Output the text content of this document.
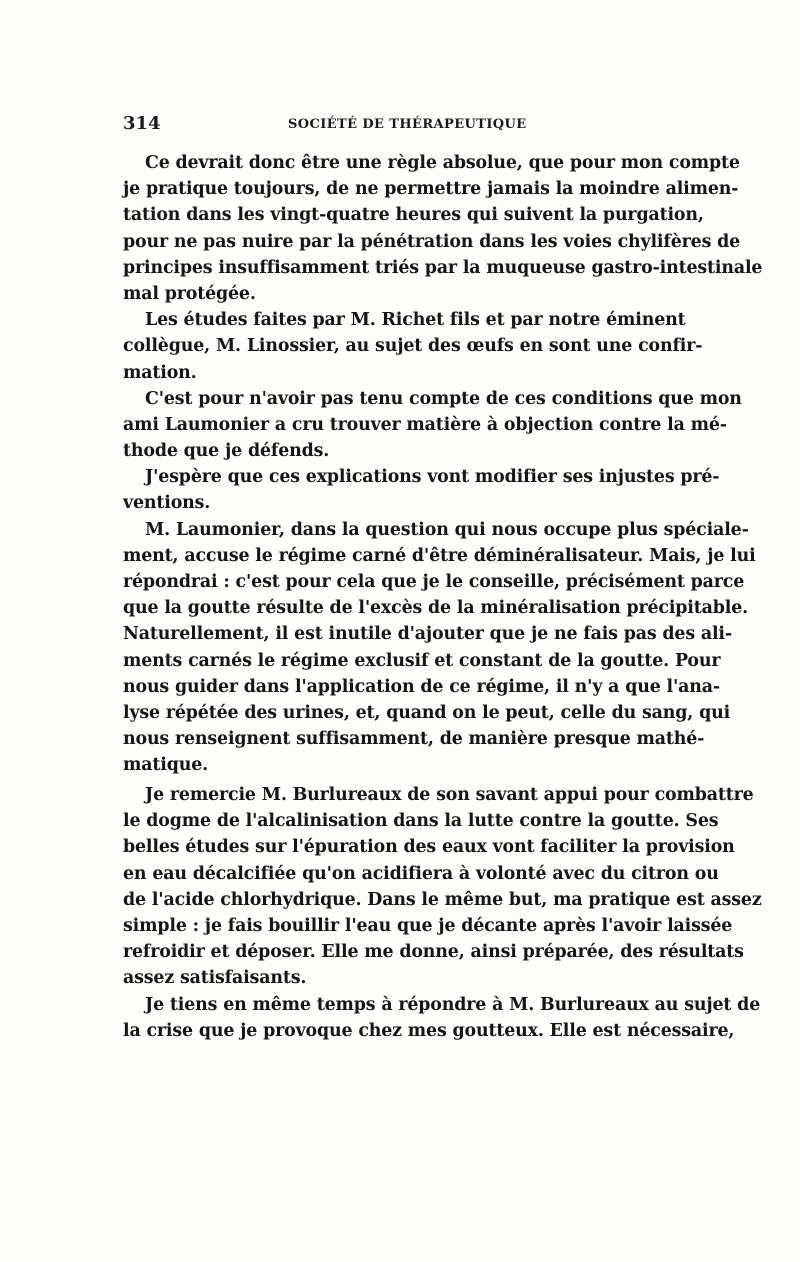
314	SOCIÉTÉ DE THÉRAPEUTIQUE
Ce devrait donc être une règle absolue, que pour mon compte
je pratique toujours, de ne permettre jamais la moindre alimen-
tation dans les vingt-quatre heures qui suivent la purgation,
pour ne pas nuire par la pénétration dans les voies chylifères de
principes insuffisamment triés par la muqueuse gastro-intestinale
mal protégée.
Les études faites par M. Richet fils et par notre éminent
collègue, M. Linossier, au sujet des œufs en sont une confir-
mation.
C'est pour n'avoir pas tenu compte de ces conditions que mon
ami Laumonier a cru trouver matière à objection contre la mé-
thode que je défends.
J'espère que ces explications vont modifier ses injustes pré-
ventions.
M. Laumonier, dans la question qui nous occupe plus spéciale-
ment, accuse le régime carné d'être déminéralisateur. Mais, je lui
répondrai : c'est pour cela que je le conseille, précisément parce
que la goutte résulte de l'excès de la minéralisation précipitable.
Naturellement, il est inutile d'ajouter que je ne fais pas des ali-
ments carnés le régime exclusif et constant de la goutte. Pour
nous guider dans l'application de ce régime, il n'y a que l'ana-
lyse répétée des urines, et, quand on le peut, celle du sang, qui
nous renseignent suffisamment, de manière presque mathé-
matique.
Je remercie M. Burlureaux de son savant appui pour combattre
le dogme de l'alcalinisation dans la lutte contre la goutte. Ses
belles études sur l'épuration des eaux vont faciliter la provision
en eau décalcifiée qu'on acidifiera à volonté avec du citron ou
de l'acide chlorhydrique. Dans le même but, ma pratique est assez
simple : je fais bouillir l'eau que je décante après l'avoir laissée
refroidir et déposer. Elle me donne, ainsi préparée, des résultats
assez satisfaisants.
Je tiens en même temps à répondre à M. Burlureaux au sujet de
la crise que je provoque chez mes goutteux. Elle est nécessaire,
